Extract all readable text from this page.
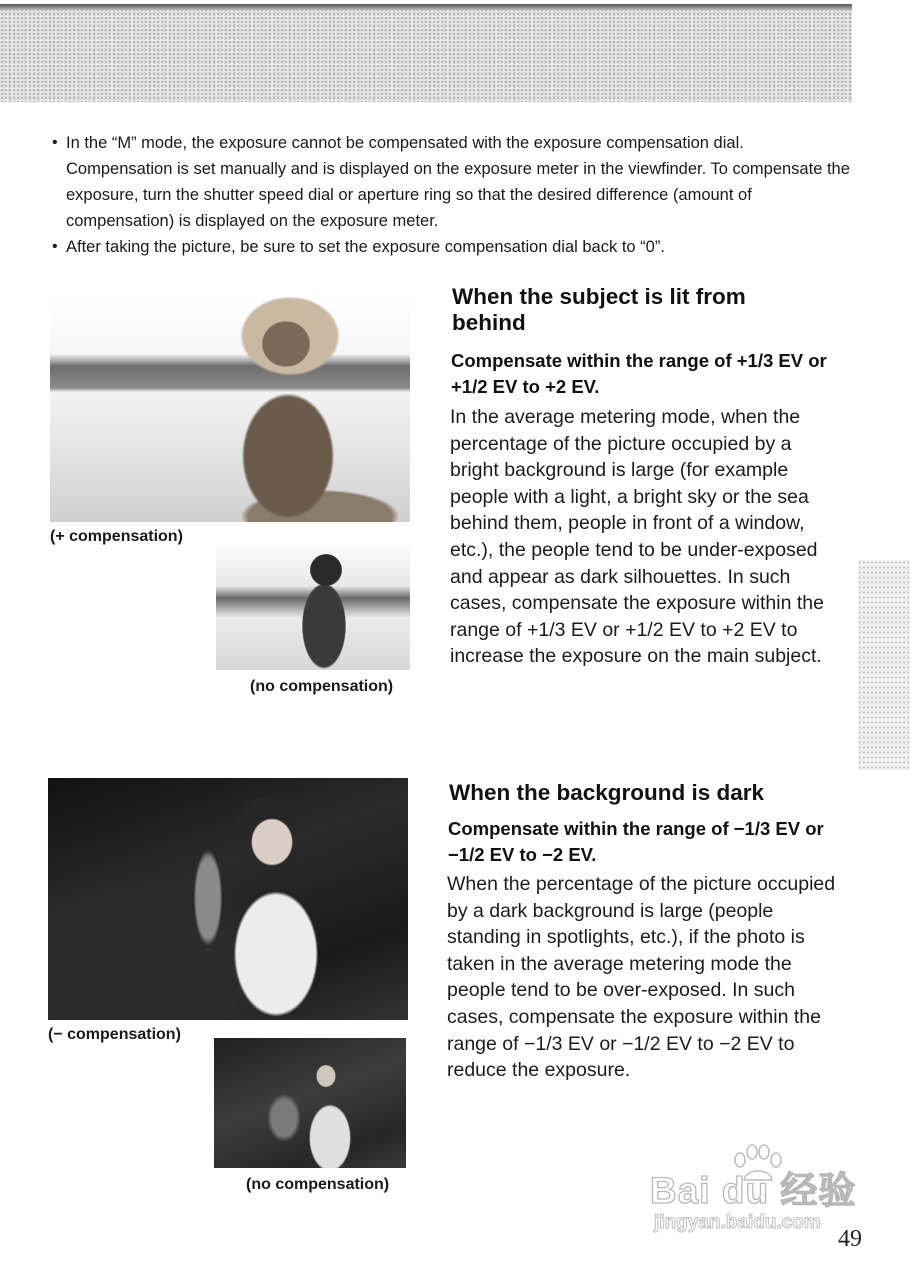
• In the “M” mode, the exposure cannot be compensated with the exposure compensation dial. Compensation is set manually and is displayed on the exposure meter in the viewfinder. To compensate the exposure, turn the shutter speed dial or aperture ring so that the desired difference (amount of compensation) is displayed on the exposure meter.
• After taking the picture, be sure to set the exposure compensation dial back to “0”.
(+ compensation)
(no compensation)
When the subject is lit from behind
Compensate within the range of +1/3 EV or +1/2 EV to +2 EV.

In the average metering mode, when the percentage of the picture occupied by a bright background is large (for example people with a light, a bright sky or the sea behind them, people in front of a window, etc.), the people tend to be under-exposed and appear as dark silhouettes. In such cases, compensate the exposure within the range of +1/3 EV or +1/2 EV to +2 EV to increase the exposure on the main subject.

(− compensation)
(no compensation)
When the background is dark
Compensate within the range of −1/3 EV or −1/2 EV to −2 EV.

When the percentage of the picture occupied by a dark background is large (people standing in spotlights, etc.), if the photo is taken in the average metering mode the people tend to be over-exposed. In such cases, compensate the exposure within the range of −1/3 EV or −1/2 EV to −2 EV to reduce the exposure.

Bai du 经验
jingyan.baidu.com
49
